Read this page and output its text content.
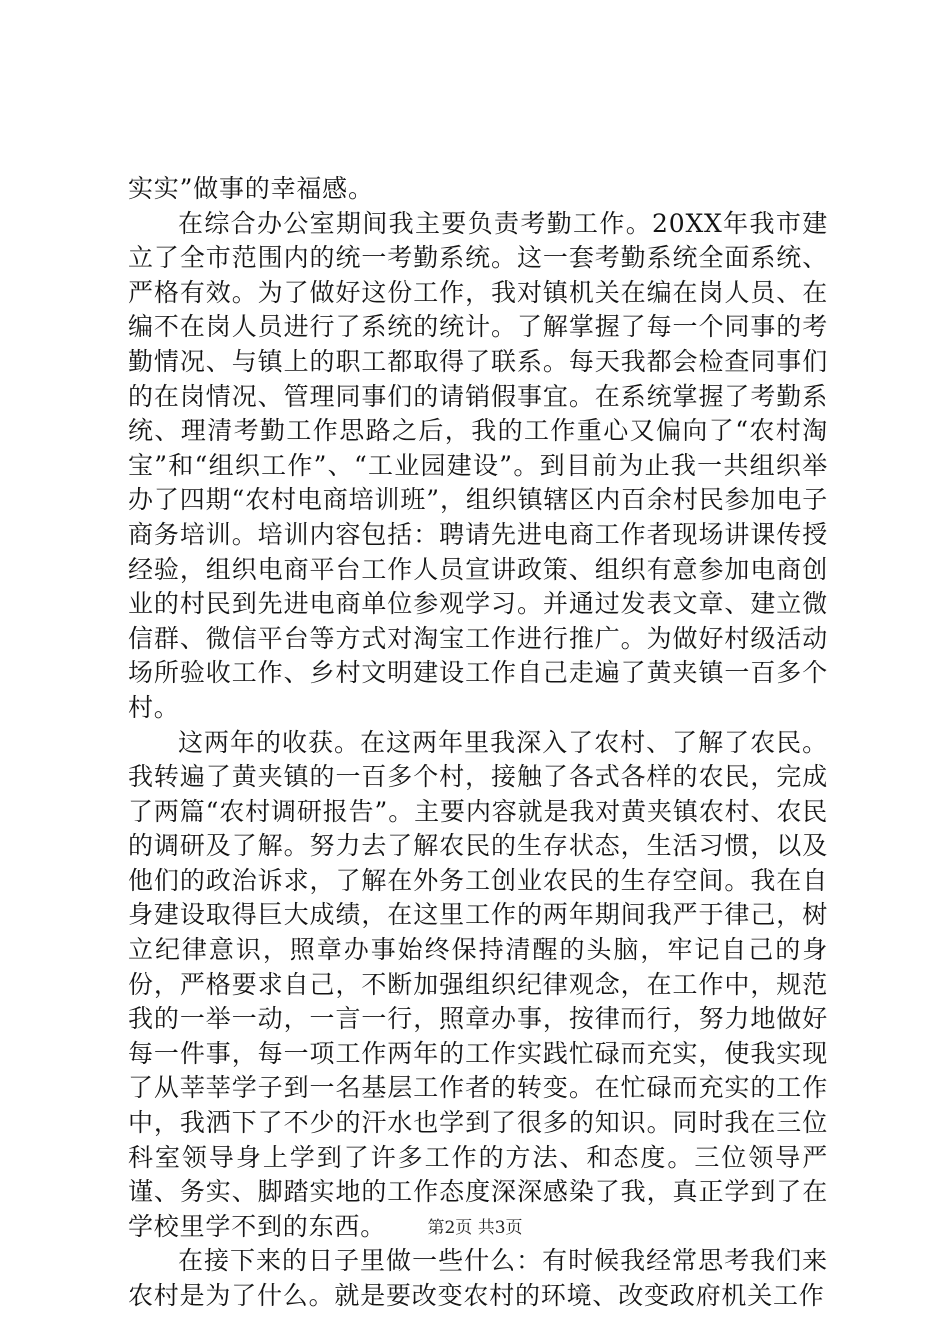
实实”做事的幸福感。

在综合办公室期间我主要负责考勤工作。20XX年我市建立了全市范围内的统一考勤系统。这一套考勤系统全面系统、严格有效。为了做好这份工作，我对镇机关在编在岗人员、在编不在岗人员进行了系统的统计。了解掌握了每一个同事的考勤情况、与镇上的职工都取得了联系。每天我都会检查同事们的在岗情况、管理同事们的请销假事宜。在系统掌握了考勤系统、理清考勤工作思路之后，我的工作重心又偏向了“农村淘宝”和“组织工作”、“工业园建设”。到目前为止我一共组织举办了四期“农村电商培训班”，组织镇辖区内百余村民参加电子商务培训。培训内容包括：聘请先进电商工作者现场讲课传授经验，组织电商平台工作人员宣讲政策、组织有意参加电商创业的村民到先进电商单位参观学习。并通过发表文章、建立微信群、微信平台等方式对淘宝工作进行推广。为做好村级活动场所验收工作、乡村文明建设工作自己走遍了黄夹镇一百多个村。

这两年的收获。在这两年里我深入了农村、了解了农民。我转遍了黄夹镇的一百多个村，接触了各式各样的农民，完成了两篇“农村调研报告”。主要内容就是我对黄夹镇农村、农民的调研及了解。努力去了解农民的生存状态，生活习惯，以及他们的政治诉求，了解在外务工创业农民的生存空间。我在自身建设取得巨大成绩，在这里工作的两年期间我严于律己，树立纪律意识，照章办事始终保持清醒的头脑，牢记自己的身份，严格要求自己，不断加强组织纪律观念，在工作中，规范我的一举一动，一言一行，照章办事，按律而行，努力地做好每一件事，每一项工作两年的工作实践忙碌而充实，使我实现了从莘莘学子到一名基层工作者的转变。在忙碌而充实的工作中，我洒下了不少的汗水也学到了很多的知识。同时我在三位科室领导身上学到了许多工作的方法、和态度。三位领导严谨、务实、脚踏实地的工作态度深深感染了我，真正学到了在学校里学不到的东西。

在接下来的日子里做一些什么：有时候我经常思考我们来农村是为了什么。就是要改变农村的环境、改变政府机关工作

第2页 共3页
